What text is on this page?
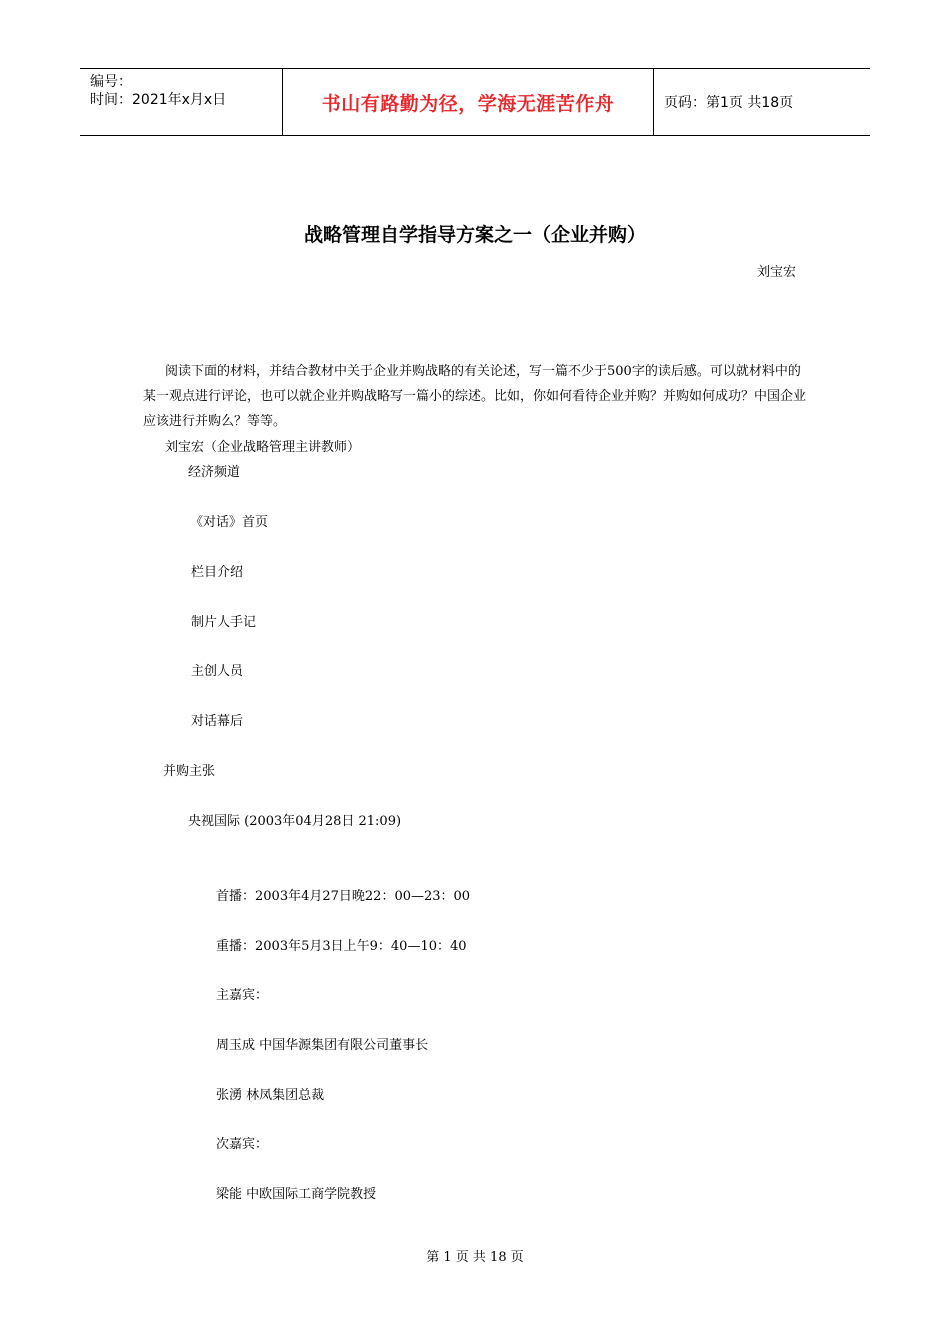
编号：
时间：2021年x月x日	书山有路勤为径，学海无涯苦作舟	页码：第1页 共18页
战略管理自学指导方案之一（企业并购）
刘宝宏
阅读下面的材料，并结合教材中关于企业并购战略的有关论述，写一篇不少于500字的读后感。可以就材料中的某一观点进行评论，也可以就企业并购战略写一篇小的综述。比如，你如何看待企业并购？并购如何成功？中国企业应该进行并购么？等等。
刘宝宏（企业战略管理主讲教师）
经济频道
《对话》首页
栏目介绍
制片人手记
主创人员
对话幕后
并购主张
央视国际 (2003年04月28日 21:09)
首播：2003年4月27日晚22：00—23：00
重播：2003年5月3日上午9：40—10：40
主嘉宾：
周玉成 中国华源集团有限公司董事长
张湧 林凤集团总裁
次嘉宾：
梁能 中欧国际工商学院教授
第 1 页 共 18 页
